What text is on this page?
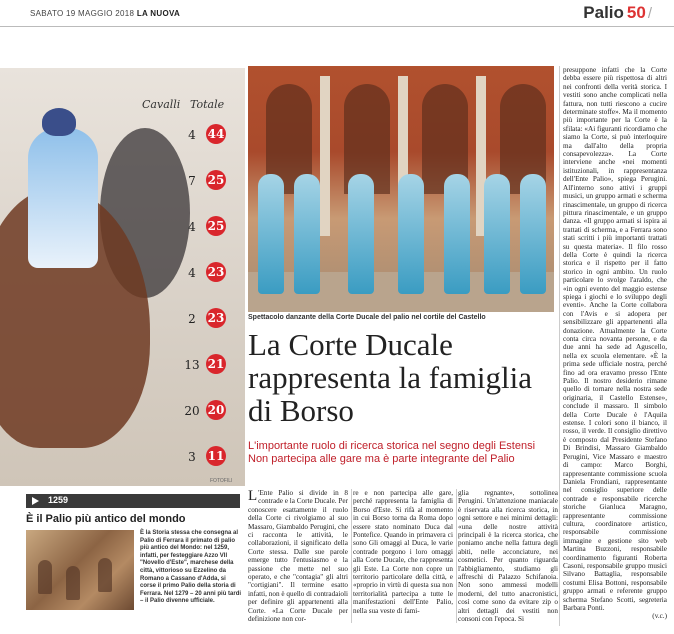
SABATO 19 MAGGIO 2018 LA NUOVA	Palio 50 /
Cavalli Totale
4 44
7 25
4 25
4 23
2 23
13 21
20 20
3 11
FOTOFILI
Spettacolo danzante della Corte Ducale del palio nel cortile del Castello
La Corte Ducale rappresenta la famiglia di Borso
L'importante ruolo di ricerca storica nel segno degli Estensi
Non partecipa alle gare ma è parte integrante del Palio
L 'Ente Palio si divide in 8 contrade e la Corte Ducale. Per conoscere esattamente il ruolo della Corte ci rivolgiamo al suo Massaro, Giambaldo Perugini, che ci racconta le attività, le collaborazioni, il significato della Corte stessa. Dalle sue parole emerge tutto l'entusiasmo e la passione che mette nel suo operato, e che "contagia" gli altri "cortigiani". Il termine esatto infatti, non è quello di contradaioli per definire gli appartenenti alla Corte. «La Corte Ducale per definizione non cor-
re e non partecipa alle gare, perché rappresenta la famiglia di Borso d'Este. Si rifà al momento in cui Borso torna da Roma dopo essere stato nominato Duca dal Pontefice. Quando in primavera ci sono Gli omaggi al Duca, le varie contrade porgono i loro omaggi alla Corte Ducale, che rappresenta gli Este. La Corte non copre un territorio particolare della città, e «proprio in virtù di questa sua non territorialità partecipa a tutte le manifestazioni dell'Ente Palio, nella sua veste di fami-
glia regnante», sottolinea Perugini. Un'attenzione maniacale è riservata alla ricerca storica, in ogni settore e nei minimi dettagli: «una delle nostre attività principali è la ricerca storica, che poniamo anche nella fattura degli abiti, nelle acconciature, nei cosmetici. Per quanto riguarda l'abbigliamento, studiamo gli affreschi di Palazzo Schifanoia. Non sono ammessi modelli moderni, del tutto anacronistici, così come sono da evitare zip o altri dettagli dei vestiti non consoni con l'epoca. Si
presuppone infatti che la Corte debba essere più rispettosa di altri nei confronti della verità storica. I vestiti sono anche complicati nella fattura, non tutti riescono a cucire determinate stoffe». Ma il momento più importante per la Corte è la sfilata: «Ai figuranti ricordiamo che siamo la Corte, si può interloquire ma dall'alto della propria consapevolezza». La Corte interviene anche «nei momenti istituzionali, in rappresentanza dell'Ente Palio», spiega Perugini. All'interno sono attivi i gruppi musici, un gruppo armati e scherma rinascimentale, un gruppo di ricerca pittura rinascimentale, e un gruppo danza. «Il gruppo armati si ispira ai trattati di scherma, e a Ferrara sono stati scritti i più importanti trattati su questa materia». Il filo rosso della Corte è quindi la ricerca storica e il rispetto per il fatto storico in ogni ambito. Un ruolo particolare lo svolge l'araldo, che «in ogni evento del maggio estense spiega i giochi e lo sviluppo degli eventi». Anche la Corte collabora con l'Avis e si adopera per sensibilizzare gli appartenenti alla donazione. Attualmente la Corte conta circa novanta persone, e da due anni ha sede ad Aguscello, nella ex scuola elementare. «È la prima sede ufficiale nostra, perché fino ad ora eravamo presso l'Ente Palio. Il nostro desiderio rimane quello di tornare nella nostra sede originaria, il Castello Estense», conclude il massaro. Il simbolo della Corte Ducale è l'Aquila estense. I colori sono il bianco, il rosso, il verde. Il consiglio direttivo è composto dal Presidente Stefano Di Brindisi, Massaro Giambaldo Perugini, Vice Massaro e maestro di campo: Marco Borghi, rappresentante commissione scuola Daniela Frondiani, rappresentante nel consiglio superiore delle contrade e responsabile ricerche storiche Gianluca Maragno, rappresentante commissione cultura, coordinatore artistico, responsabile commissione immagine e gestione sito web Martina Buzzoni, responsabile coordinamento figuranti Roberta Casoni, responsabile gruppo musici Silvano Battaglia, responsabile costumi Elisa Bottoni, responsabile gruppo armati e referente gruppo scherma Stefano Scotti, segreteria Barbara Ponti.
(v.c.)
1259
È il Palio più antico del mondo
È la Storia stessa che consegna al Palio di Ferrara il primato di palio più antico del Mondo: nel 1259, infatti, per festeggiare Azzo VII "Novello d'Este", marchese della città, vittorioso su Ezzelino da Romano a Cassano d'Adda, si corse il primo Palio della storia di Ferrara. Nel 1279 – 20 anni più tardi – il Palio divenne ufficiale.
